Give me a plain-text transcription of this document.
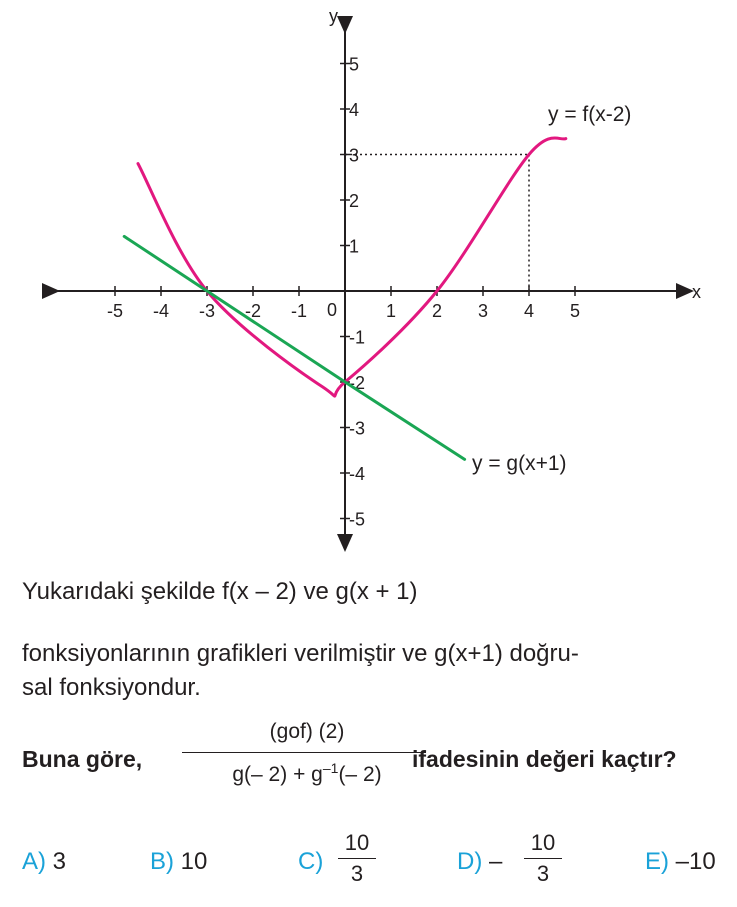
-5 -4 -3 -2 -1	1 2 3 4 5
-5
-4
-3
-2
-1
1
2
3
4
5
y
x
0
y = f(x-2)
y = g(x+1)
Yukarıdaki şekilde f(x – 2) ve g(x + 1)
fonksiyonlarının grafikleri verilmiştir ve g(x+1) doğru-
sal fonksiyondur.
Buna göre,
(gof) (2)
g(– $2) + g^{-1}(-$ 2)
ifadesinin değeri kaçtır?
A) 3	B) 10	C)
10
3	D) –
10
3	E) –10
